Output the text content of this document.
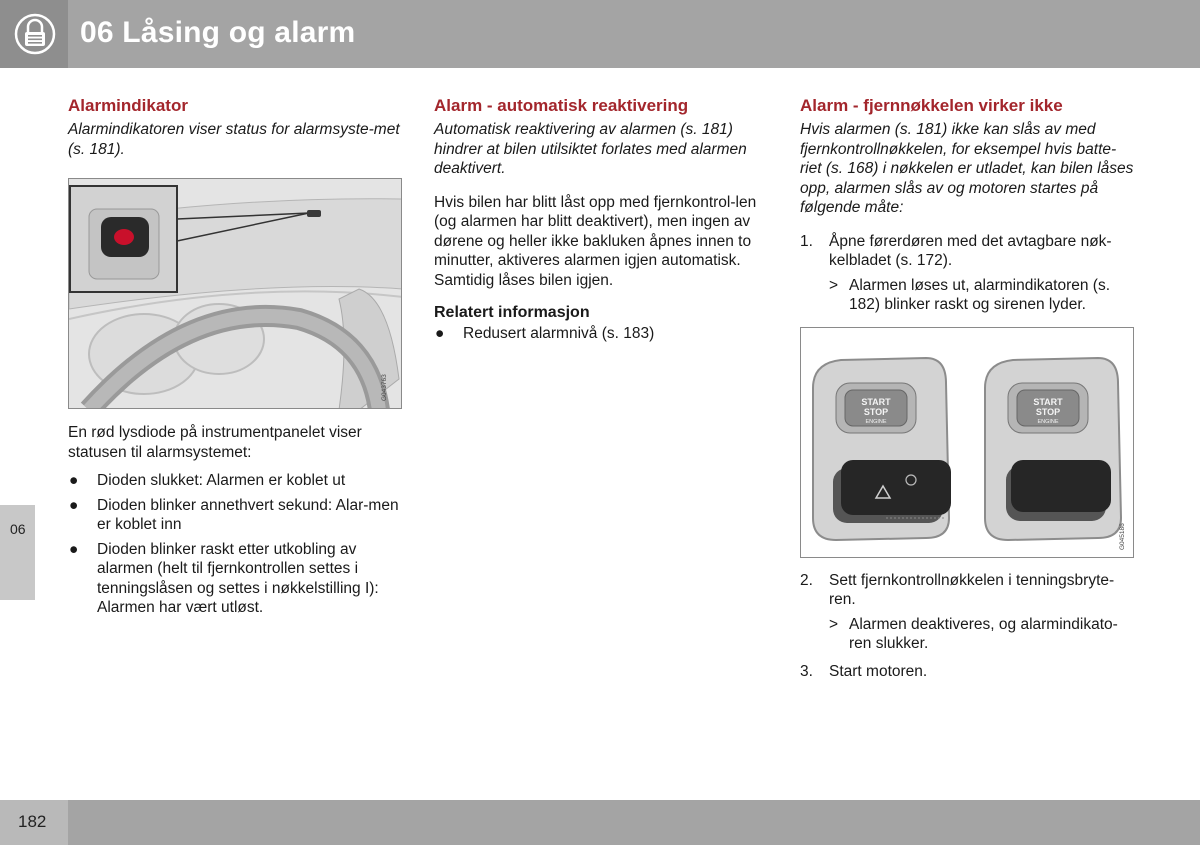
06 Låsing og alarm
06
Alarmindikator

Alarmindikatoren viser status for alarmsyste-met (s. 181).

G043763

En rød lysdiode på instrumentpanelet viser statusen til alarmsystemet:

● Dioden slukket: Alarmen er koblet ut
● Dioden blinker annethvert sekund: Alar-men er koblet inn
● Dioden blinker raskt etter utkobling av alarmen (helt til fjernkontrollen settes i tenningslåsen og settes i nøkkelstilling I): Alarmen har vært utløst.
Alarm - automatisk reaktivering

Automatisk reaktivering av alarmen (s. 181) hindrer at bilen utilsiktet forlates med alarmen deaktivert.

Hvis bilen har blitt låst opp med fjernkontrol-len (og alarmen har blitt deaktivert), men ingen av dørene og heller ikke bakluken åpnes innen to minutter, aktiveres alarmen igjen automatisk. Samtidig låses bilen igjen.

Relatert informasjon
● Redusert alarmnivå (s. 183)
Alarm - fjernnøkkelen virker ikke

Hvis alarmen (s. 181) ikke kan slås av med fjernkontrollnøkkelen, for eksempel hvis batte-riet (s. 168) i nøkkelen er utladet, kan bilen låses opp, alarmen slås av og motoren startes på følgende måte:

1. Åpne førerdøren med det avtagbare nøk-kelbladet (s. 172).
> Alarmen løses ut, alarmindikatoren (s. 182) blinker raskt og sirenen lyder.
START
STOP
ENGINE
START
STOP
ENGINE
G045186
2. Sett fjernkontrollnøkkelen i tenningsbryte-ren.
> Alarmen deaktiveres, og alarmindikato-ren slukker.
3. Start motoren.
182
